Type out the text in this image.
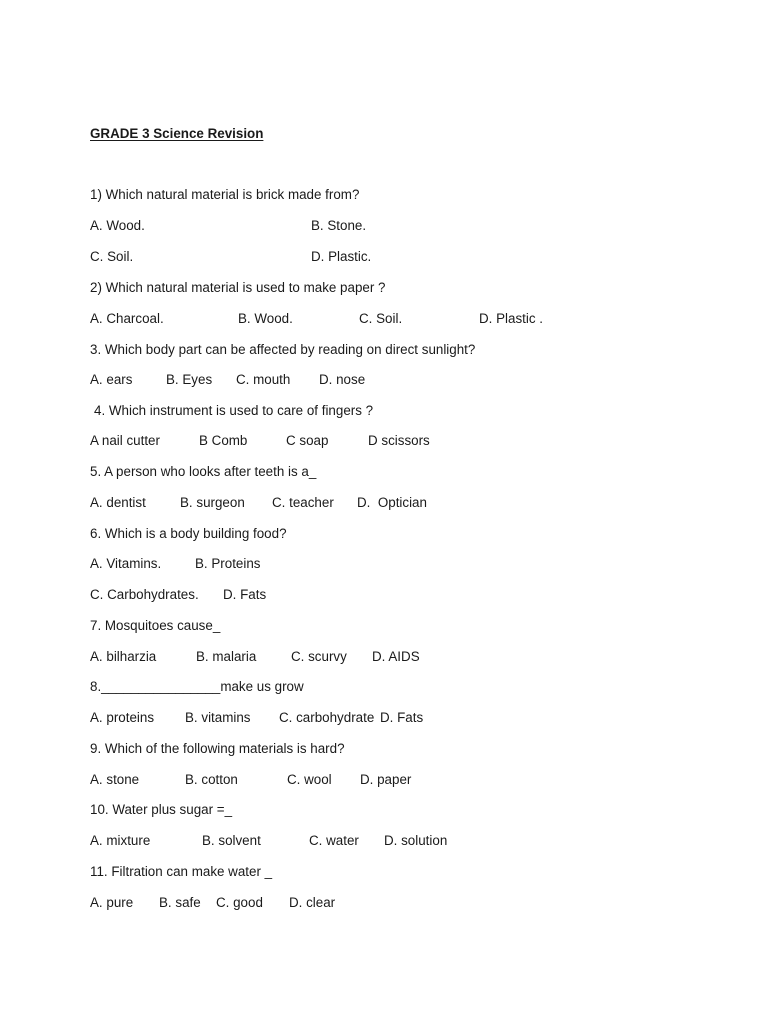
GRADE 3 Science Revision
1) Which natural material is brick made from?
A. Wood.	B. Stone.
C. Soil.	D. Plastic.
2) Which natural material is used to make paper ?
A. Charcoal.	B. Wood.	C. Soil.	D. Plastic .
3. Which body part can be affected by reading on direct sunlight?
A. ears	B. Eyes C. mouth D. nose
4. Which instrument is used to care of fingers ?
A nail cutter	B Comb	C soap	D scissors
5. A person who looks after teeth is a_
A. dentist	B. surgeon C. teacher D.  Optician
6. Which is a body building food?
A. Vitamins.	B. Proteins
C. Carbohydrates. D. Fats
7. Mosquitoes cause_
A. bilharzia	B. malaria	C. scurvy D. AIDS
8.________________make us grow
A. proteins B. vitamins C. carbohydrate D. Fats
9. Which of the following materials is hard?
A. stone	B. cotton	C. wool D. paper
10. Water plus sugar =_
A. mixture	B. solvent	C. water D. solution
11. Filtration can make water _
A. pure B. safe C. good D. clear
